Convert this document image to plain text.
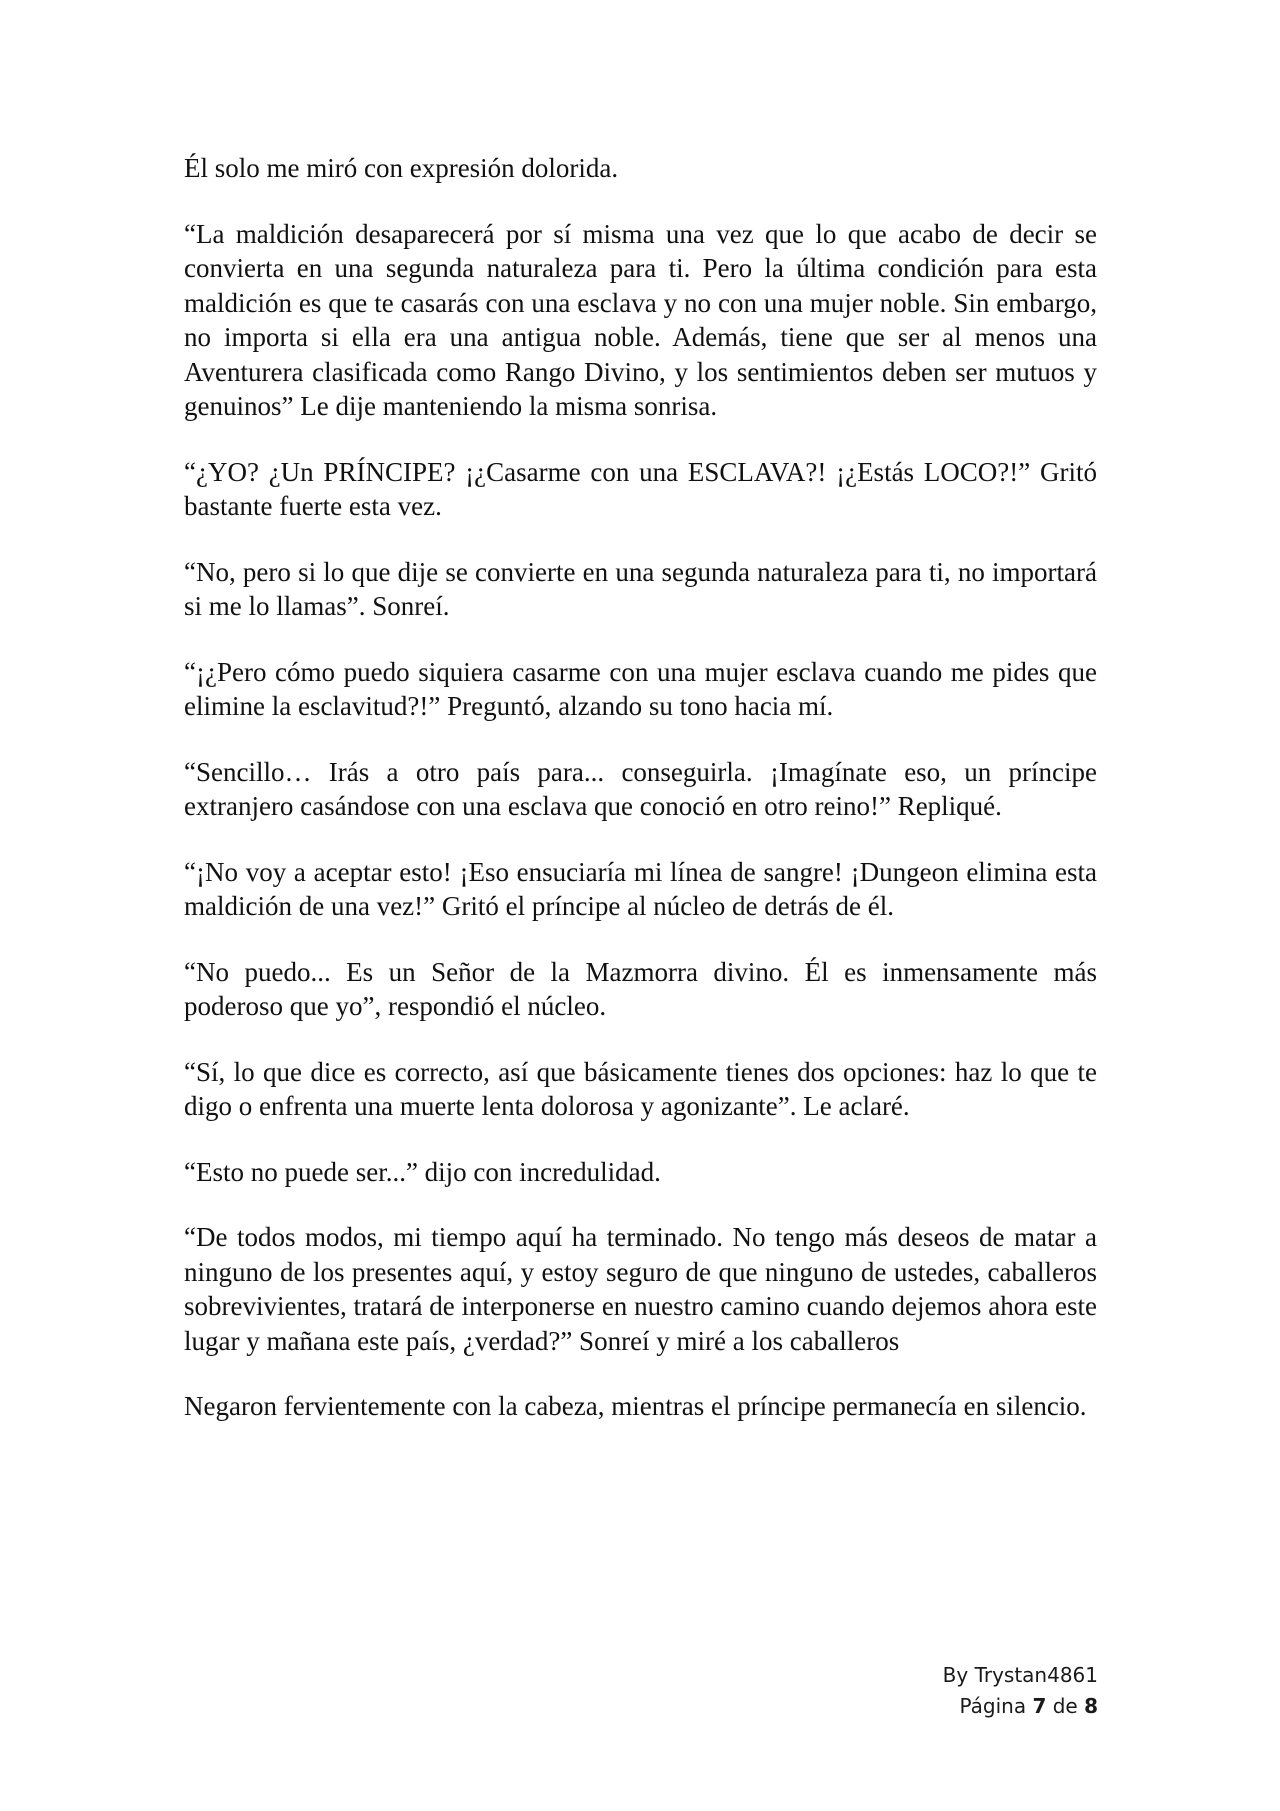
Él solo me miró con expresión dolorida.

“La maldición desaparecerá por sí misma una vez que lo que acabo de decir se convierta en una segunda naturaleza para ti. Pero la última condición para esta maldición es que te casarás con una esclava y no con una mujer noble. Sin embargo, no importa si ella era una antigua noble. Además, tiene que ser al menos una Aventurera clasificada como Rango Divino, y los sentimientos deben ser mutuos y genuinos” Le dije manteniendo la misma sonrisa.

“¿YO? ¿Un PRÍNCIPE? ¡¿Casarme con una ESCLAVA?! ¡¿Estás LOCO?!” Gritó bastante fuerte esta vez.

“No, pero si lo que dije se convierte en una segunda naturaleza para ti, no importará si me lo llamas”. Sonreí.

“¡¿Pero cómo puedo siquiera casarme con una mujer esclava cuando me pides que elimine la esclavitud?!” Preguntó, alzando su tono hacia mí.

“Sencillo… Irás a otro país para... conseguirla. ¡Imagínate eso, un príncipe extranjero casándose con una esclava que conoció en otro reino!” Repliqué.

“¡No voy a aceptar esto! ¡Eso ensuciaría mi línea de sangre! ¡Dungeon elimina esta maldición de una vez!” Gritó el príncipe al núcleo de detrás de él.

“No puedo... Es un Señor de la Mazmorra divino. Él es inmensamente más poderoso que yo”, respondió el núcleo.

“Sí, lo que dice es correcto, así que básicamente tienes dos opciones: haz lo que te digo o enfrenta una muerte lenta dolorosa y agonizante”. Le aclaré.

“Esto no puede ser...” dijo con incredulidad.

“De todos modos, mi tiempo aquí ha terminado. No tengo más deseos de matar a ninguno de los presentes aquí, y estoy seguro de que ninguno de ustedes, caballeros sobrevivientes, tratará de interponerse en nuestro camino cuando dejemos ahora este lugar y mañana este país, ¿verdad?” Sonreí y miré a los caballeros

Negaron fervientemente con la cabeza, mientras el príncipe permanecía en silencio.

By Trystan4861
Página 7 de 8
